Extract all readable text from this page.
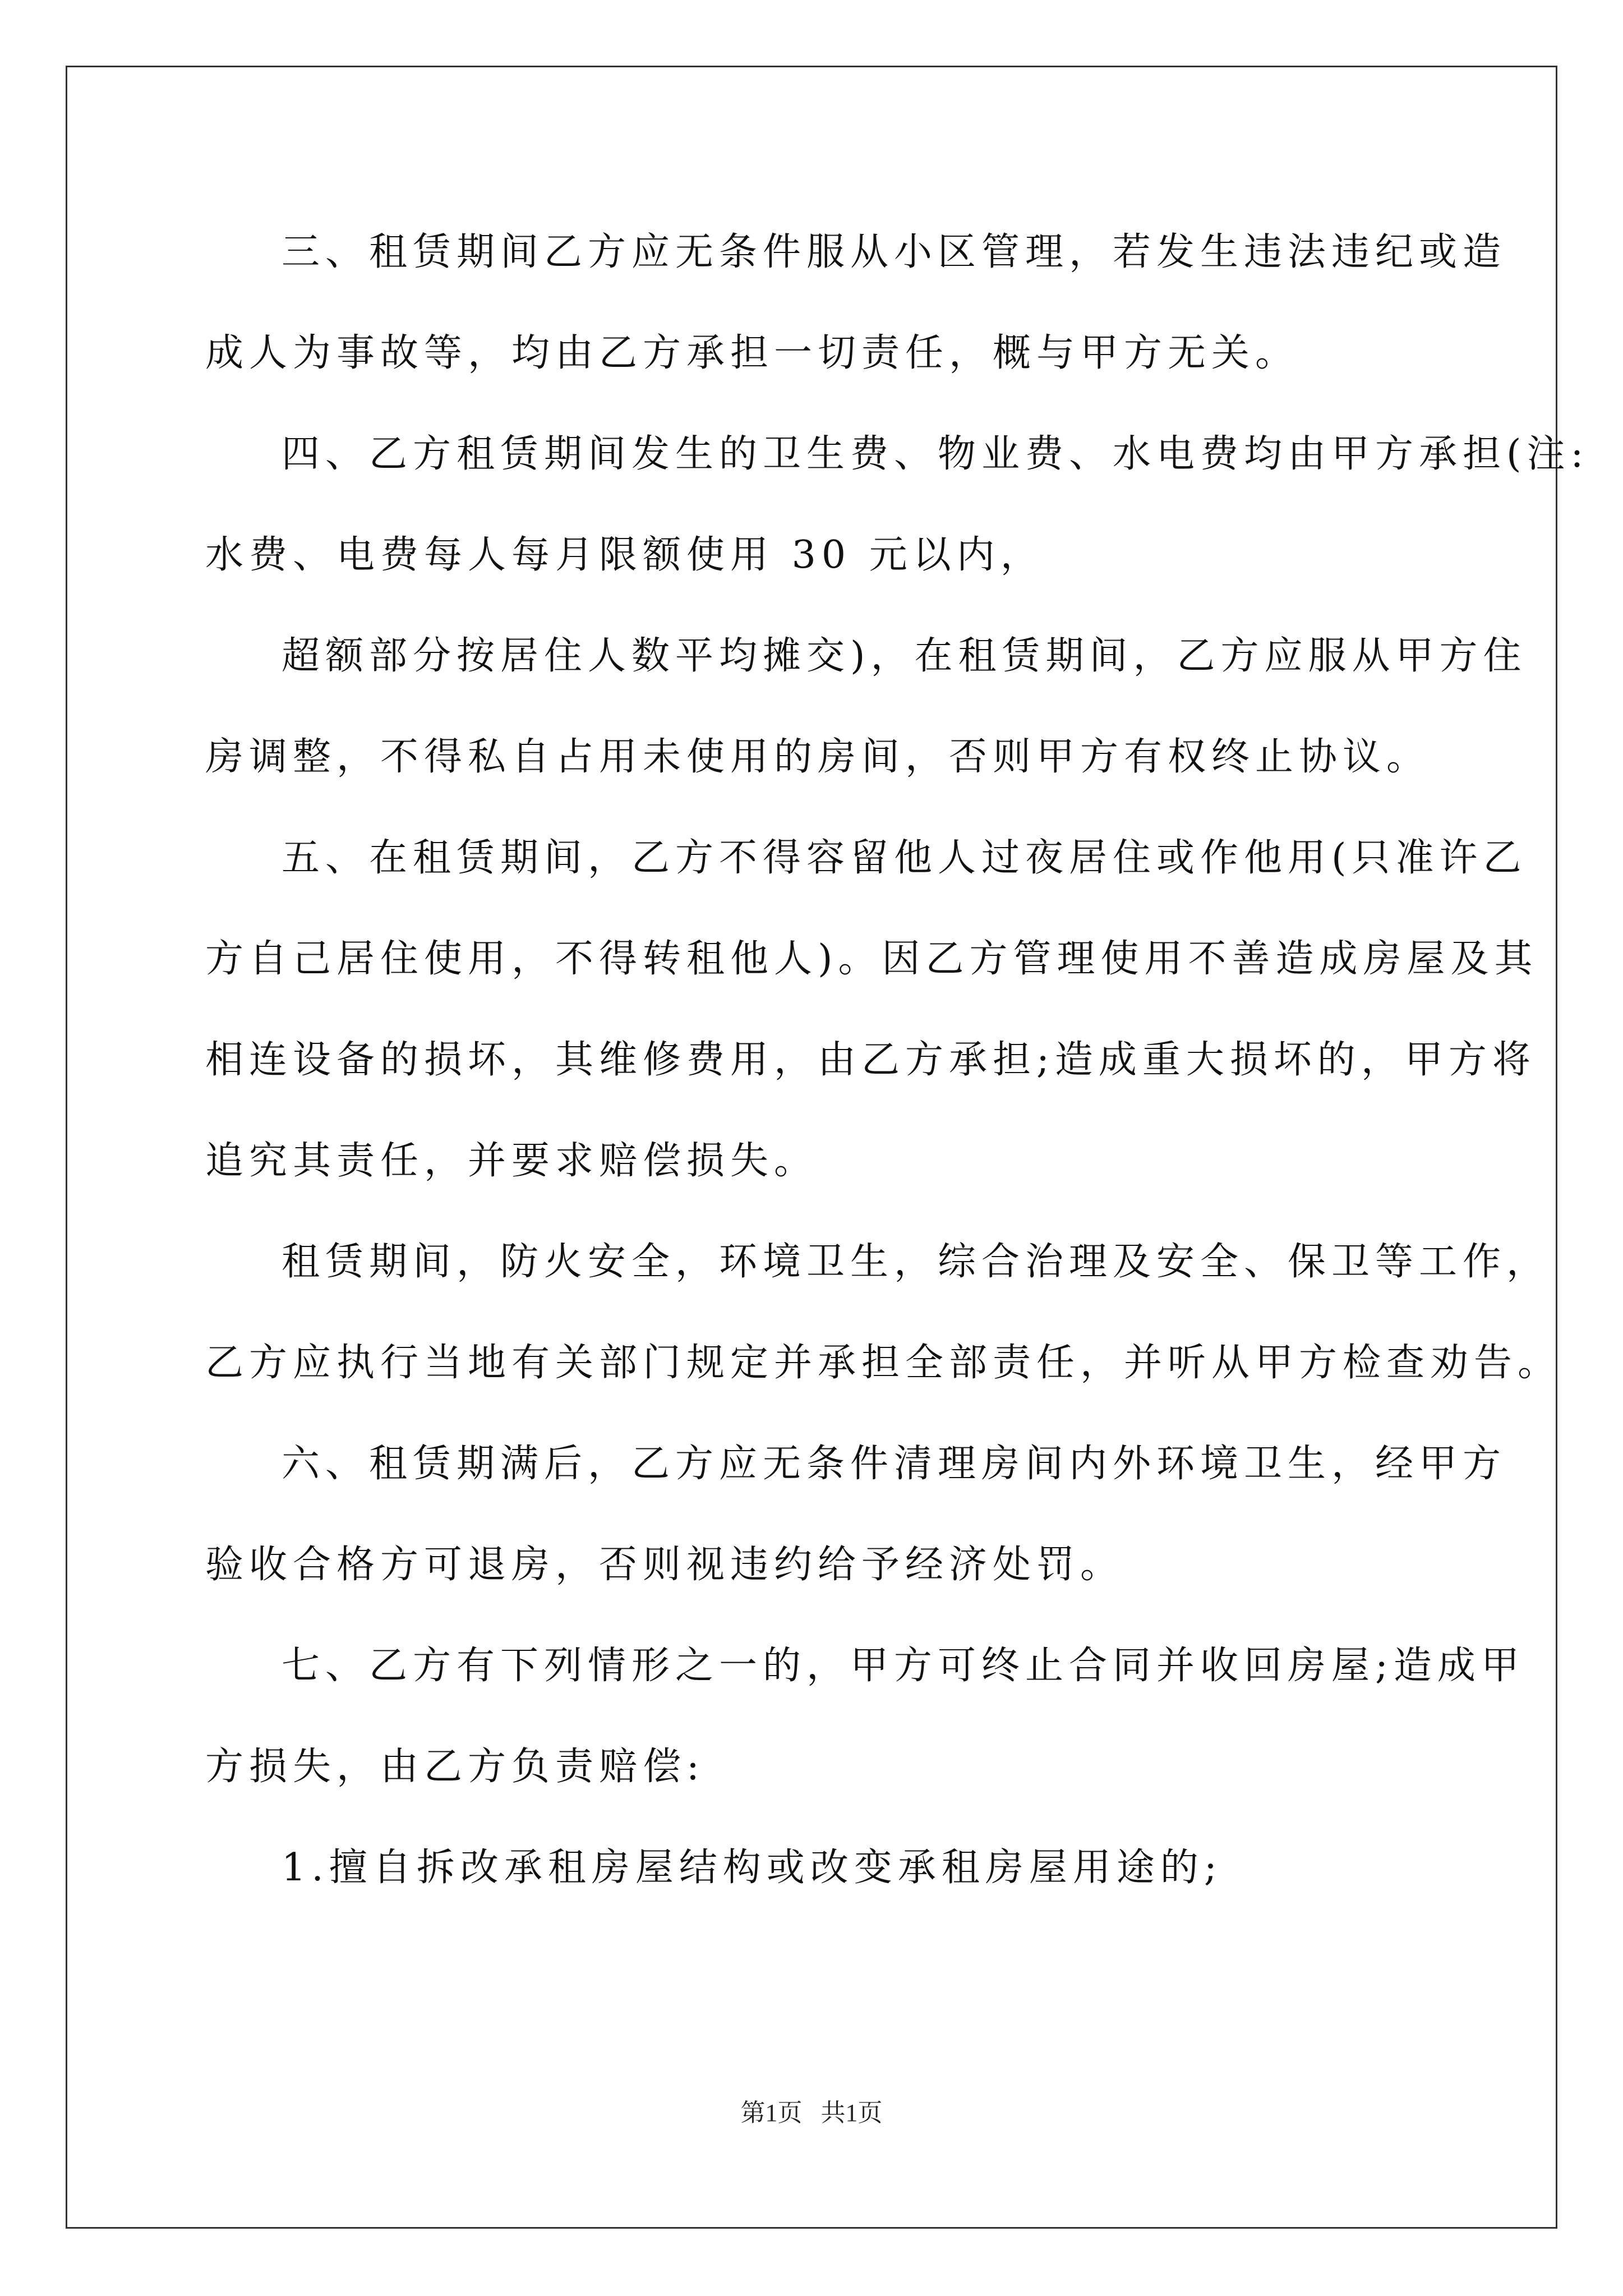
三、租赁期间乙方应无条件服从小区管理，若发生违法违纪或造
成人为事故等，均由乙方承担一切责任，概与甲方无关。
四、乙方租赁期间发生的卫生费、物业费、水电费均由甲方承担(注:
水费、电费每人每月限额使用 30 元以内，
超额部分按居住人数平均摊交)，在租赁期间，乙方应服从甲方住
房调整，不得私自占用未使用的房间，否则甲方有权终止协议。
五、在租赁期间，乙方不得容留他人过夜居住或作他用(只准许乙
方自己居住使用，不得转租他人)。因乙方管理使用不善造成房屋及其
相连设备的损坏，其维修费用，由乙方承担;造成重大损坏的，甲方将
追究其责任，并要求赔偿损失。
租赁期间，防火安全，环境卫生，综合治理及安全、保卫等工作，
乙方应执行当地有关部门规定并承担全部责任，并听从甲方检查劝告。
六、租赁期满后，乙方应无条件清理房间内外环境卫生，经甲方
验收合格方可退房，否则视违约给予经济处罚。
七、乙方有下列情形之一的，甲方可终止合同并收回房屋;造成甲
方损失，由乙方负责赔偿:
1.擅自拆改承租房屋结构或改变承租房屋用途的;
第1页   共1页
